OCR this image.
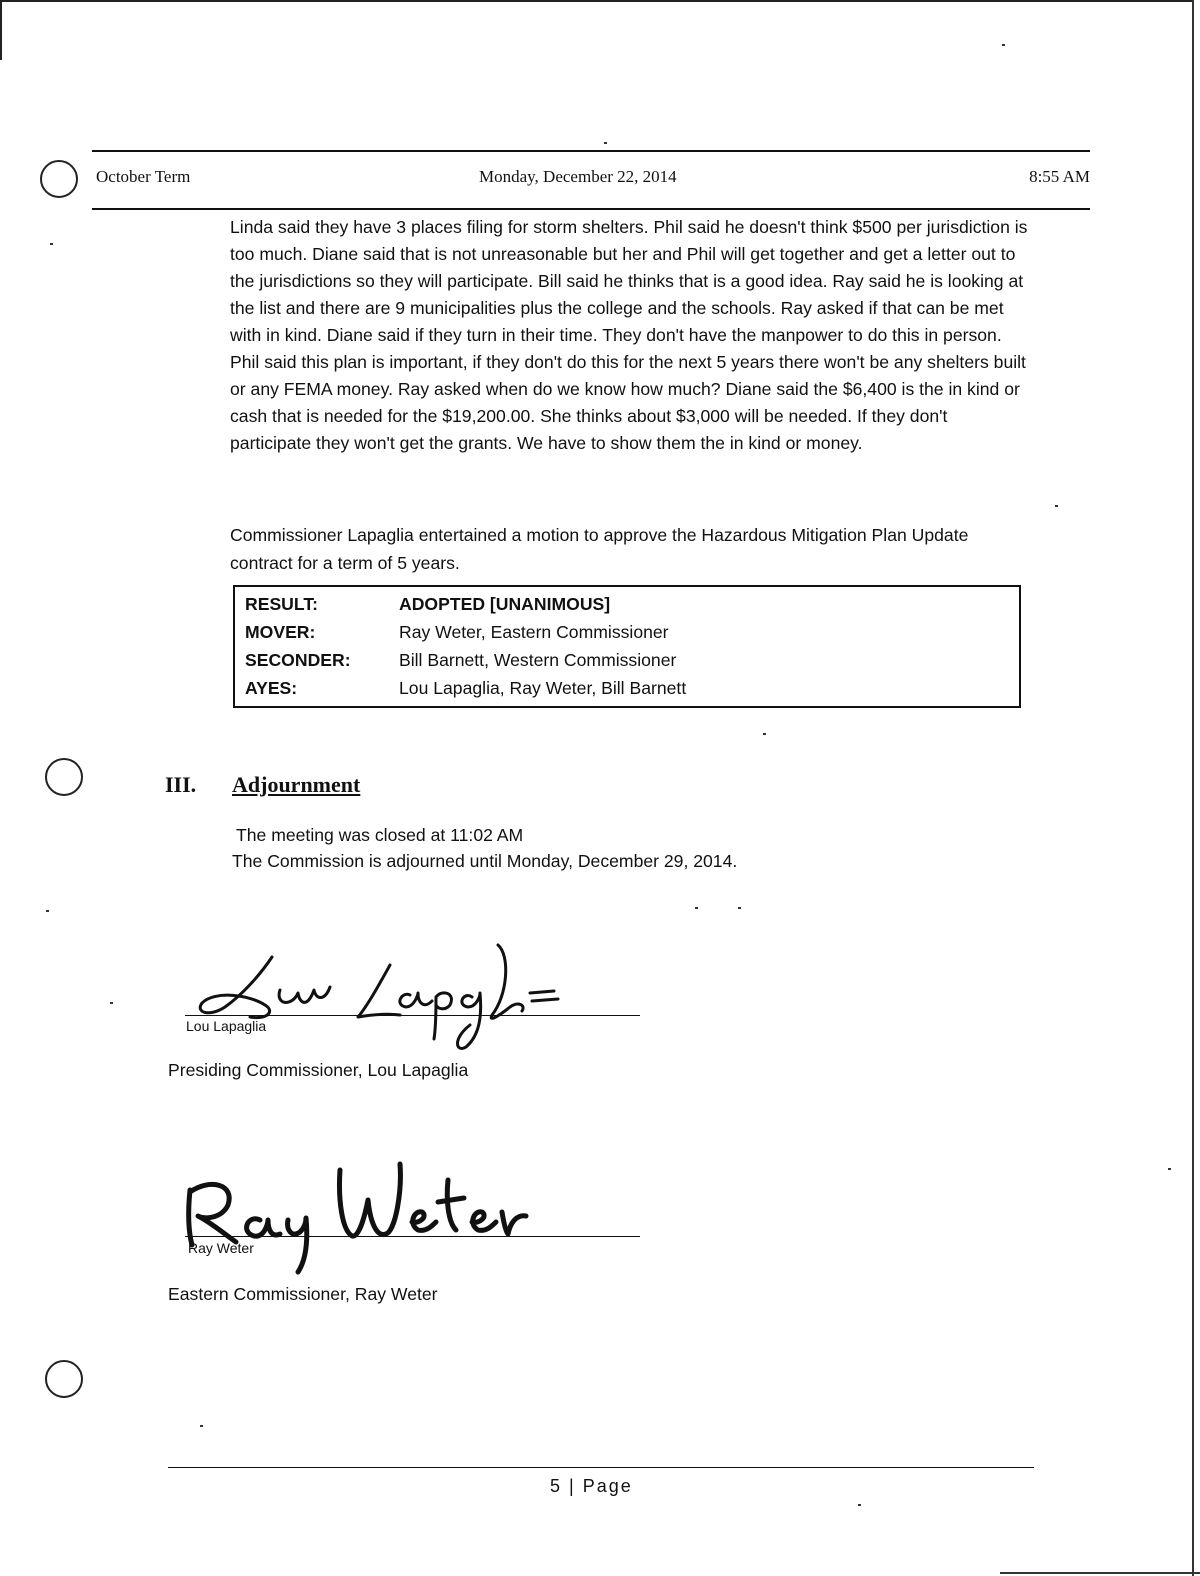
October Term	Monday, December 22, 2014	8:55 AM

Linda said they have 3 places filing for storm shelters. Phil said he doesn't think $500 per jurisdiction is too much. Diane said that is not unreasonable but her and Phil will get together and get a letter out to the jurisdictions so they will participate. Bill said he thinks that is a good idea. Ray said he is looking at the list and there are 9 municipalities plus the college and the schools. Ray asked if that can be met with in kind. Diane said if they turn in their time. They don't have the manpower to do this in person. Phil said this plan is important, if they don't do this for the next 5 years there won't be any shelters built or any FEMA money. Ray asked when do we know how much? Diane said the $6,400 is the in kind or cash that is needed for the $19,200.00. She thinks about $3,000 will be needed. If they don't participate they won't get the grants. We have to show them the in kind or money.

Commissioner Lapaglia entertained a motion to approve the Hazardous Mitigation Plan Update contract for a term of 5 years.

RESULT:	ADOPTED [UNANIMOUS]
MOVER:	Ray Weter, Eastern Commissioner
SECONDER:	Bill Barnett, Western Commissioner
AYES:	Lou Lapaglia, Ray Weter, Bill Barnett
III. Adjournment
The meeting was closed at 11:02 AM
The Commission is adjourned until Monday, December 29, 2014.
Lou Lapaglia
Presiding Commissioner, Lou Lapaglia
Ray Weter
Eastern Commissioner, Ray Weter
5 | Page
